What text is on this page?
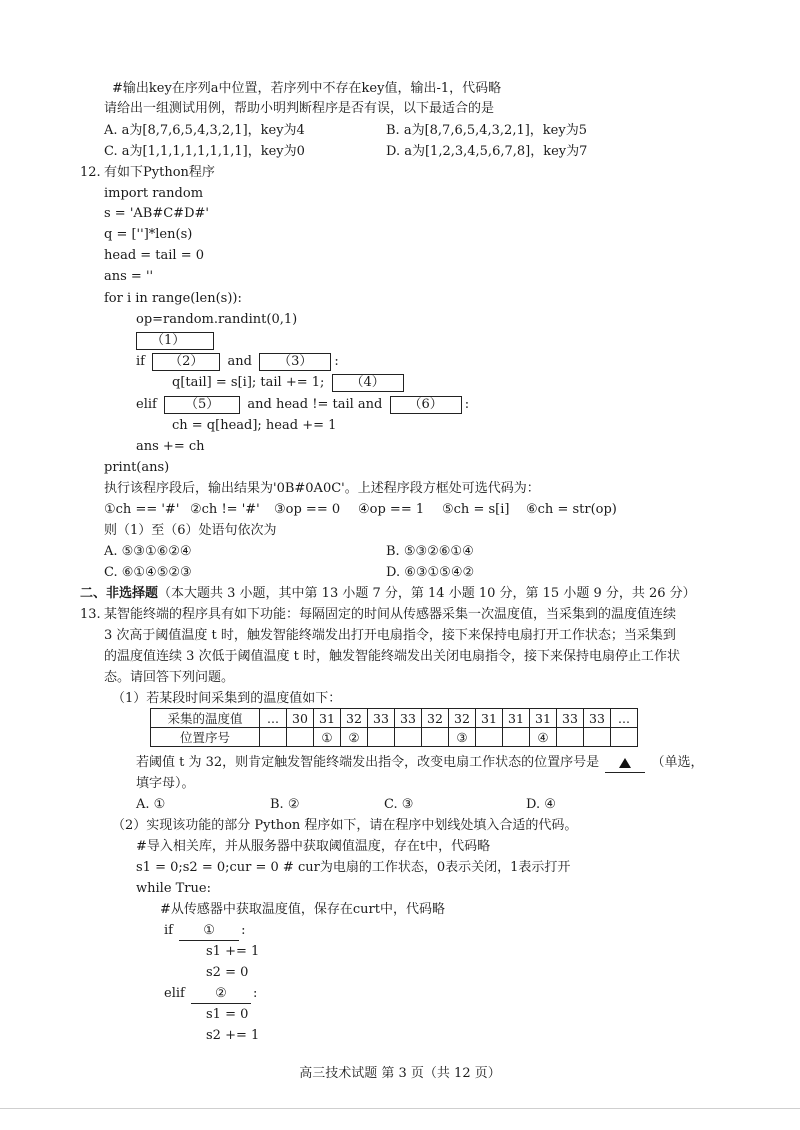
#输出key在序列a中位置，若序列中不存在key值，输出-1，代码略
请给出一组测试用例，帮助小明判断程序是否有误，以下最适合的是
A. a为[8,7,6,5,4,3,2,1]，key为4	B. a为[8,7,6,5,4,3,2,1]，key为5
C. a为[1,1,1,1,1,1,1,1]，key为0	D. a为[1,2,3,4,5,6,7,8]，key为7
12. 有如下Python程序
import random
s = 'AB#C#D#'
q = ['']*len(s)
head = tail = 0
ans = ''
for i in range(len(s)):
op=random.randint(0,1)
（1）
if （2） and （3） :
q[tail] = s[i]; tail += 1; （4）
elif （5） and head != tail and （6） :
ch = q[head]; head += 1
ans += ch
print(ans)
执行该程序段后，输出结果为'0B#0A0C'。上述程序段方框处可选代码为：
①ch == '#' ②ch != '#' ③op == 0 ④op == 1 ⑤ch = s[i] ⑥ch = str(op)
则（1）至（6）处语句依次为
A. ⑤③①⑥②④	B. ⑤③②⑥①④
C. ⑥①④⑤②③	D. ⑥③①⑤④②
二、非选择题（本大题共 3 小题，其中第 13 小题 7 分，第 14 小题 10 分，第 15 小题 9 分，共 26 分）
13. 某智能终端的程序具有如下功能：每隔固定的时间从传感器采集一次温度值，当采集到的温度值连续
3 次高于阈值温度 t 时，触发智能终端发出打开电扇指令，接下来保持电扇打开工作状态；当采集到
的温度值连续 3 次低于阈值温度 t 时，触发智能终端发出关闭电扇指令，接下来保持电扇停止工作状
态。请回答下列问题。
（1）若某段时间采集到的温度值如下：
采集的温度值	...	30	31	32	33	33	32	32	31	31	31	33	33	...
位置序号			①	②				③			④			
若阈值 t 为 32，则肯定触发智能终端发出指令，改变电扇工作状态的位置序号是	（单选，
填字母）。
A. ①	B. ②	C. ③	D. ④
（2）实现该功能的部分 Python 程序如下，请在程序中划线处填入合适的代码。
#导入相关库，并从服务器中获取阈值温度，存在t中，代码略
s1 = 0;s2 = 0;cur = 0 # cur为电扇的工作状态，0表示关闭，1表示打开
while True:
#从传感器中获取温度值，保存在curt中，代码略
if ① :
s1 += 1
s2 = 0
elif ② :
s1 = 0
s2 += 1
高三技术试题 第 3 页（共 12 页）
